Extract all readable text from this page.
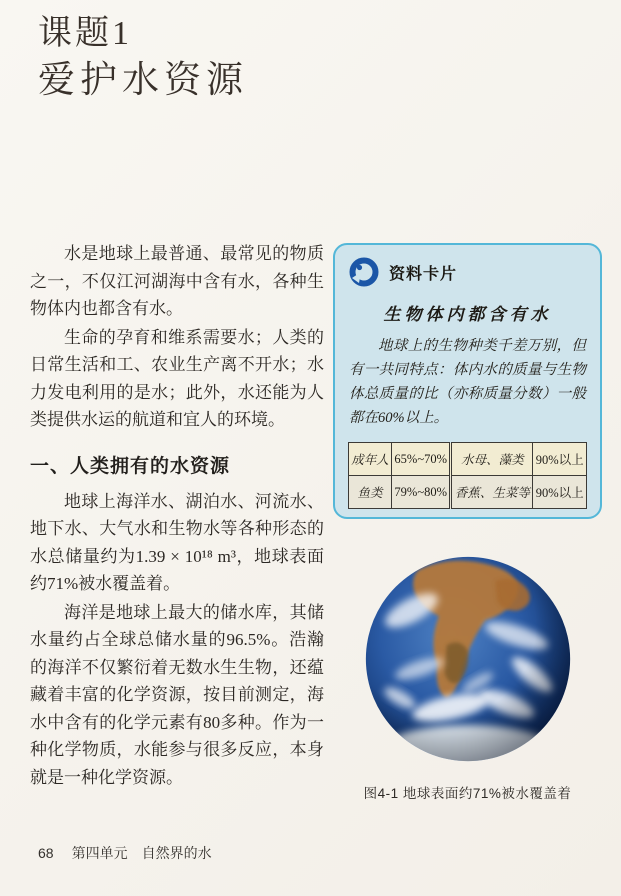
课题1
爱护水资源

水是地球上最普通、最常见的物质之一，不仅江河湖海中含有水，各种生物体内也都含有水。

生命的孕育和维系需要水；人类的日常生活和工、农业生产离不开水；水力发电利用的是水；此外，水还能为人类提供水运的航道和宜人的环境。

一、人类拥有的水资源

地球上海洋水、湖泊水、河流水、地下水、大气水和生物水等各种形态的水总储量约为1.39 × 10¹⁸ m³，地球表面约71%被水覆盖着。

海洋是地球上最大的储水库，其储水量约占全球总储水量的96.5%。浩瀚的海洋不仅繁衍着无数水生生物，还蕴藏着丰富的化学资源，按目前测定，海水中含有的化学元素有80多种。作为一种化学物质，水能参与很多反应，本身就是一种化学资源。

资料卡片
生物体内都含有水
地球上的生物种类千差万别，但有一共同特点：体内水的质量与生物体总质量的比（亦称质量分数）一般都在60%以上。
成年人	65%~70%	水母、藻类	90%以上
鱼类	79%~80%	香蕉、生菜等	90%以上
图4-1 地球表面约71%被水覆盖着
68 第四单元 自然界的水
